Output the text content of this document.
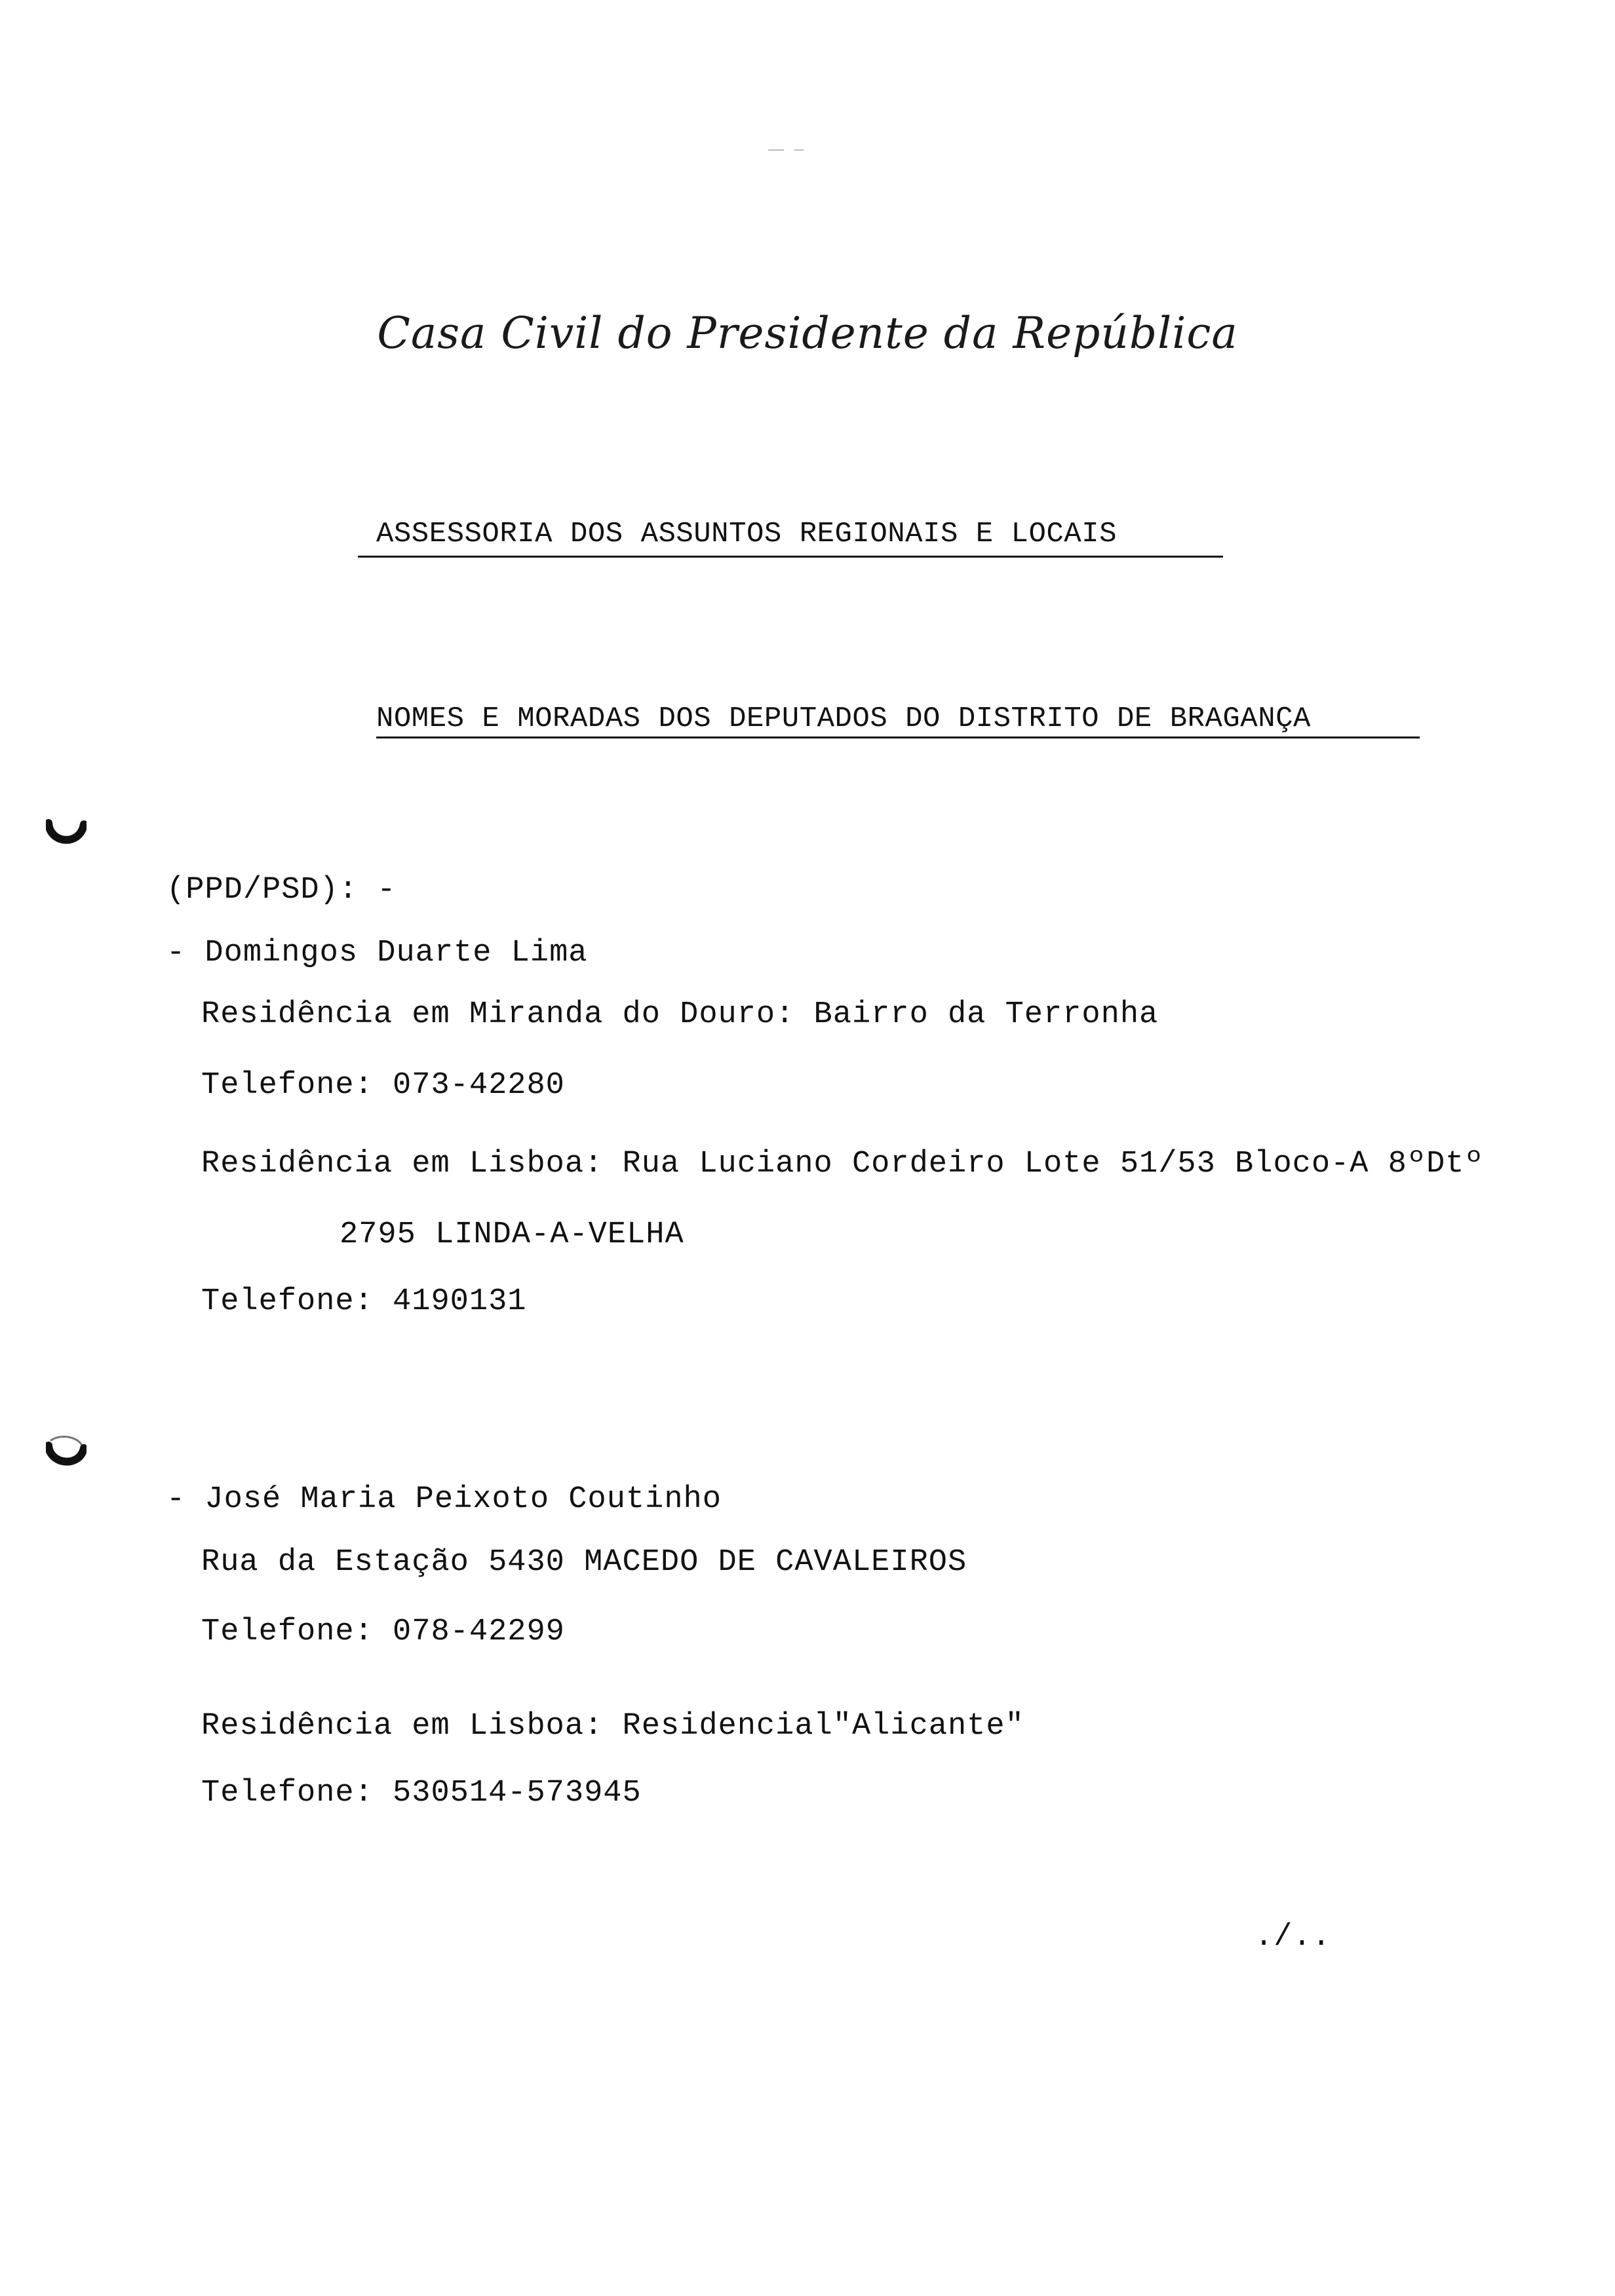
Casa Civil do Presidente da República
ASSESSORIA DOS ASSUNTOS REGIONAIS E LOCAIS
NOMES E MORADAS DOS DEPUTADOS DO DISTRITO DE BRAGANÇA
(PPD/PSD): -
- Domingos Duarte Lima
Residência em Miranda do Douro: Bairro da Terronha
Telefone: 073-42280
Residência em Lisboa: Rua Luciano Cordeiro Lote 51/53 Bloco-A 8ºDtº
2795 LINDA-A-VELHA
Telefone: 4190131
- José Maria Peixoto Coutinho
Rua da Estação 5430 MACEDO DE CAVALEIROS
Telefone: 078-42299
Residência em Lisboa: Residencial"Alicante"
Telefone: 530514-573945
./..
